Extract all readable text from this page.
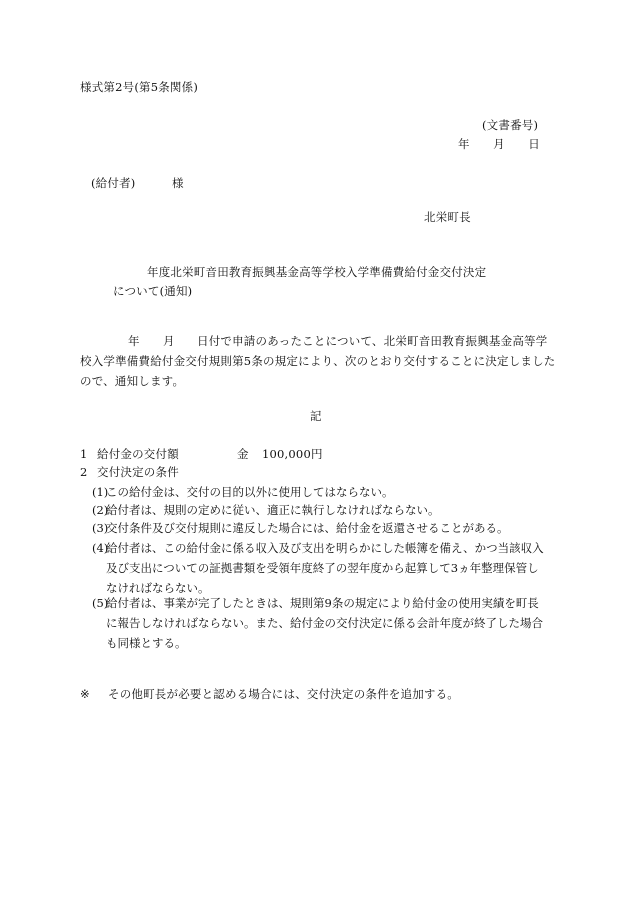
様式第2号(第5条関係)
(文書番号)
年　　月　　日
(給付者)	様
北栄町長
年度北栄町音田教育振興基金高等学校入学準備費給付金交付決定
について(通知)
年 月 日付で申請のあったことについて、北栄町音田教育振興基金高等学
校入学準備費給付金交付規則第5条の規定により、次のとおり交付することに決定しました
ので、通知します。
記
1 給付金の交付額	金 100,000 円
2 交付決定の条件
(1)
この給付金は、交付の目的以外に使用してはならない。
(2)
給付者は、規則の定めに従い、適正に執行しなければならない。
(3)
交付条件及び交付規則に違反した場合には、給付金を返還させることがある。
(4)
給付者は、この給付金に係る収入及び支出を明らかにした帳簿を備え、かつ当該収入
及び支出についての証拠書類を受領年度終了の翌年度から起算して3ヵ年整理保管し
なければならない。
(5)
給付者は、事業が完了したときは、規則第9条の規定により給付金の使用実績を町長
に報告しなければならない。また、給付金の交付決定に係る会計年度が終了した場合
も同様とする。
※ その他町長が必要と認める場合には、交付決定の条件を追加する。
